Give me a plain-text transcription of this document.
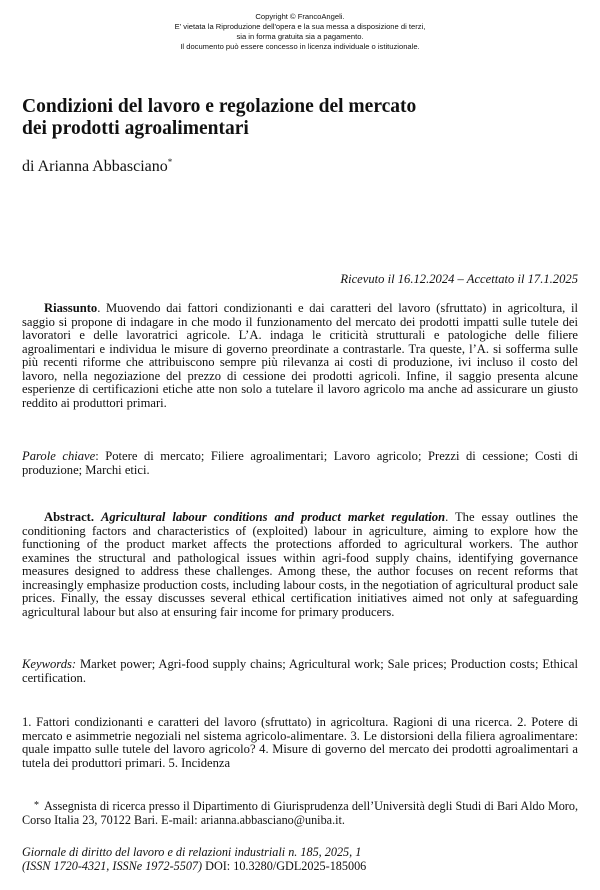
Copyright © FrancoAngeli.
E' vietata la Riproduzione dell'opera e la sua messa a disposizione di terzi,
sia in forma gratuita sia a pagamento.
Il documento può essere concesso in licenza individuale o istituzionale.
Condizioni del lavoro e regolazione del mercato
dei prodotti agroalimentari
di Arianna Abbasciano*
Ricevuto il 16.12.2024 – Accettato il 17.1.2025

Riassunto. Muovendo dai fattori condizionanti e dai caratteri del lavoro (sfruttato) in agricoltura, il saggio si propone di indagare in che modo il funzionamento del mercato dei prodotti impatti sulle tutele dei lavoratori e delle lavoratrici agricole. L’A. indaga le criticità strutturali e patologiche delle filiere agroalimentari e individua le misure di governo preordinate a contrastarle. Tra queste, l’A. si sofferma sulle più recenti riforme che attribuiscono sempre più rilevanza ai costi di produzione, ivi incluso il costo del lavoro, nella negoziazione del prezzo di cessione dei prodotti agricoli. Infine, il saggio presenta alcune esperienze di certificazioni etiche atte non solo a tutelare il lavoro agricolo ma anche ad assicurare un giusto reddito ai produttori primari.

Parole chiave: Potere di mercato; Filiere agroalimentari; Lavoro agricolo; Prezzi di cessione; Costi di produzione; Marchi etici.

Abstract. Agricultural labour conditions and product market regulation. The essay outlines the conditioning factors and characteristics of (exploited) labour in agriculture, aiming to explore how the functioning of the product market affects the protections afforded to agricultural workers. The author examines the structural and pathological issues within agri-food supply chains, identifying governance measures designed to address these challenges. Among these, the author focuses on recent reforms that increasingly emphasize production costs, including labour costs, in the negotiation of agricultural product sale prices. Finally, the essay discusses several ethical certification initiatives aimed not only at safeguarding agricultural labour but also at ensuring fair income for primary producers.

Keywords: Market power; Agri-food supply chains; Agricultural work; Sale prices; Production costs; Ethical certification.

1. Fattori condizionanti e caratteri del lavoro (sfruttato) in agricoltura. Ragioni di una ricerca. 2. Potere di mercato e asimmetrie negoziali nel sistema agricolo-alimentare. 3. Le distorsioni della filiera agroalimentare: quale impatto sulle tutele del lavoro agricolo? 4. Misure di governo del mercato dei prodotti agroalimentari a tutela dei produttori primari. 5. Incidenza

* Assegnista di ricerca presso il Dipartimento di Giurisprudenza dell’Università degli Studi di Bari Aldo Moro, Corso Italia 23, 70122 Bari. E-mail: arianna.abbasciano@uniba.it.

Giornale di diritto del lavoro e di relazioni industriali n. 185, 2025, 1
(ISSN 1720-4321, ISSNe 1972-5507) DOI: 10.3280/GDL2025-185006
